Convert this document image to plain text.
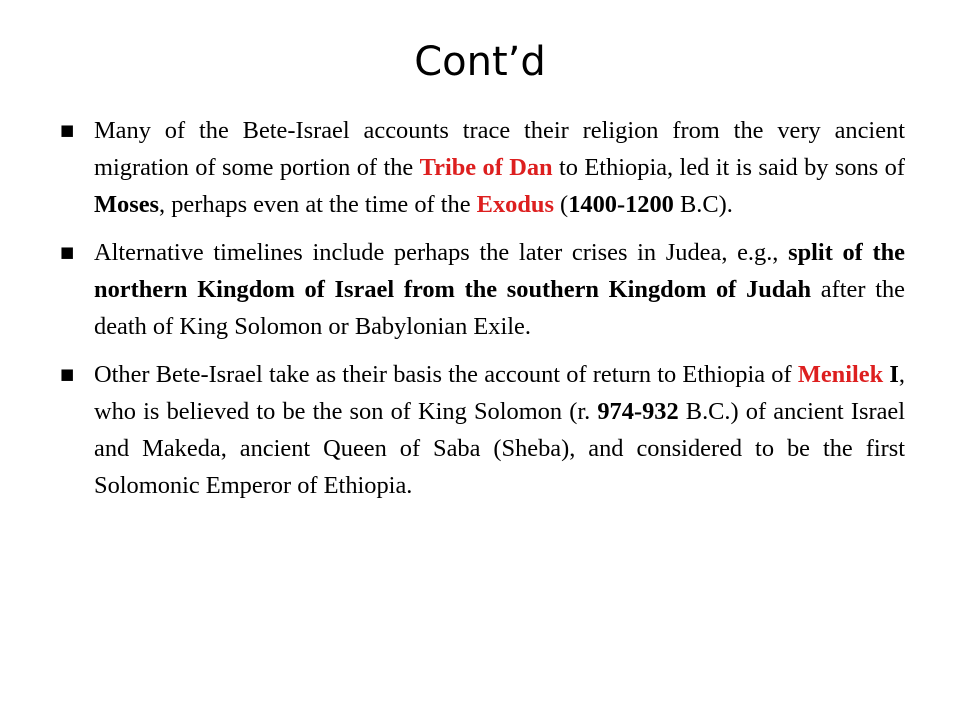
Cont’d
■ Many of the Bete-Israel accounts trace their religion from the very ancient migration of some portion of the Tribe of Dan to Ethiopia, led it is said by sons of Moses, perhaps even at the time of the Exodus (1400-1200 B.C).
■ Alternative timelines include perhaps the later crises in Judea, e.g., split of the northern Kingdom of Israel from the southern Kingdom of Judah after the death of King Solomon or Babylonian Exile.
■ Other Bete-Israel take as their basis the account of return to Ethiopia of Menilek I, who is believed to be the son of King Solomon (r. 974-932 B.C.) of ancient Israel and Makeda, ancient Queen of Saba (Sheba), and considered to be the first Solomonic Emperor of Ethiopia.
